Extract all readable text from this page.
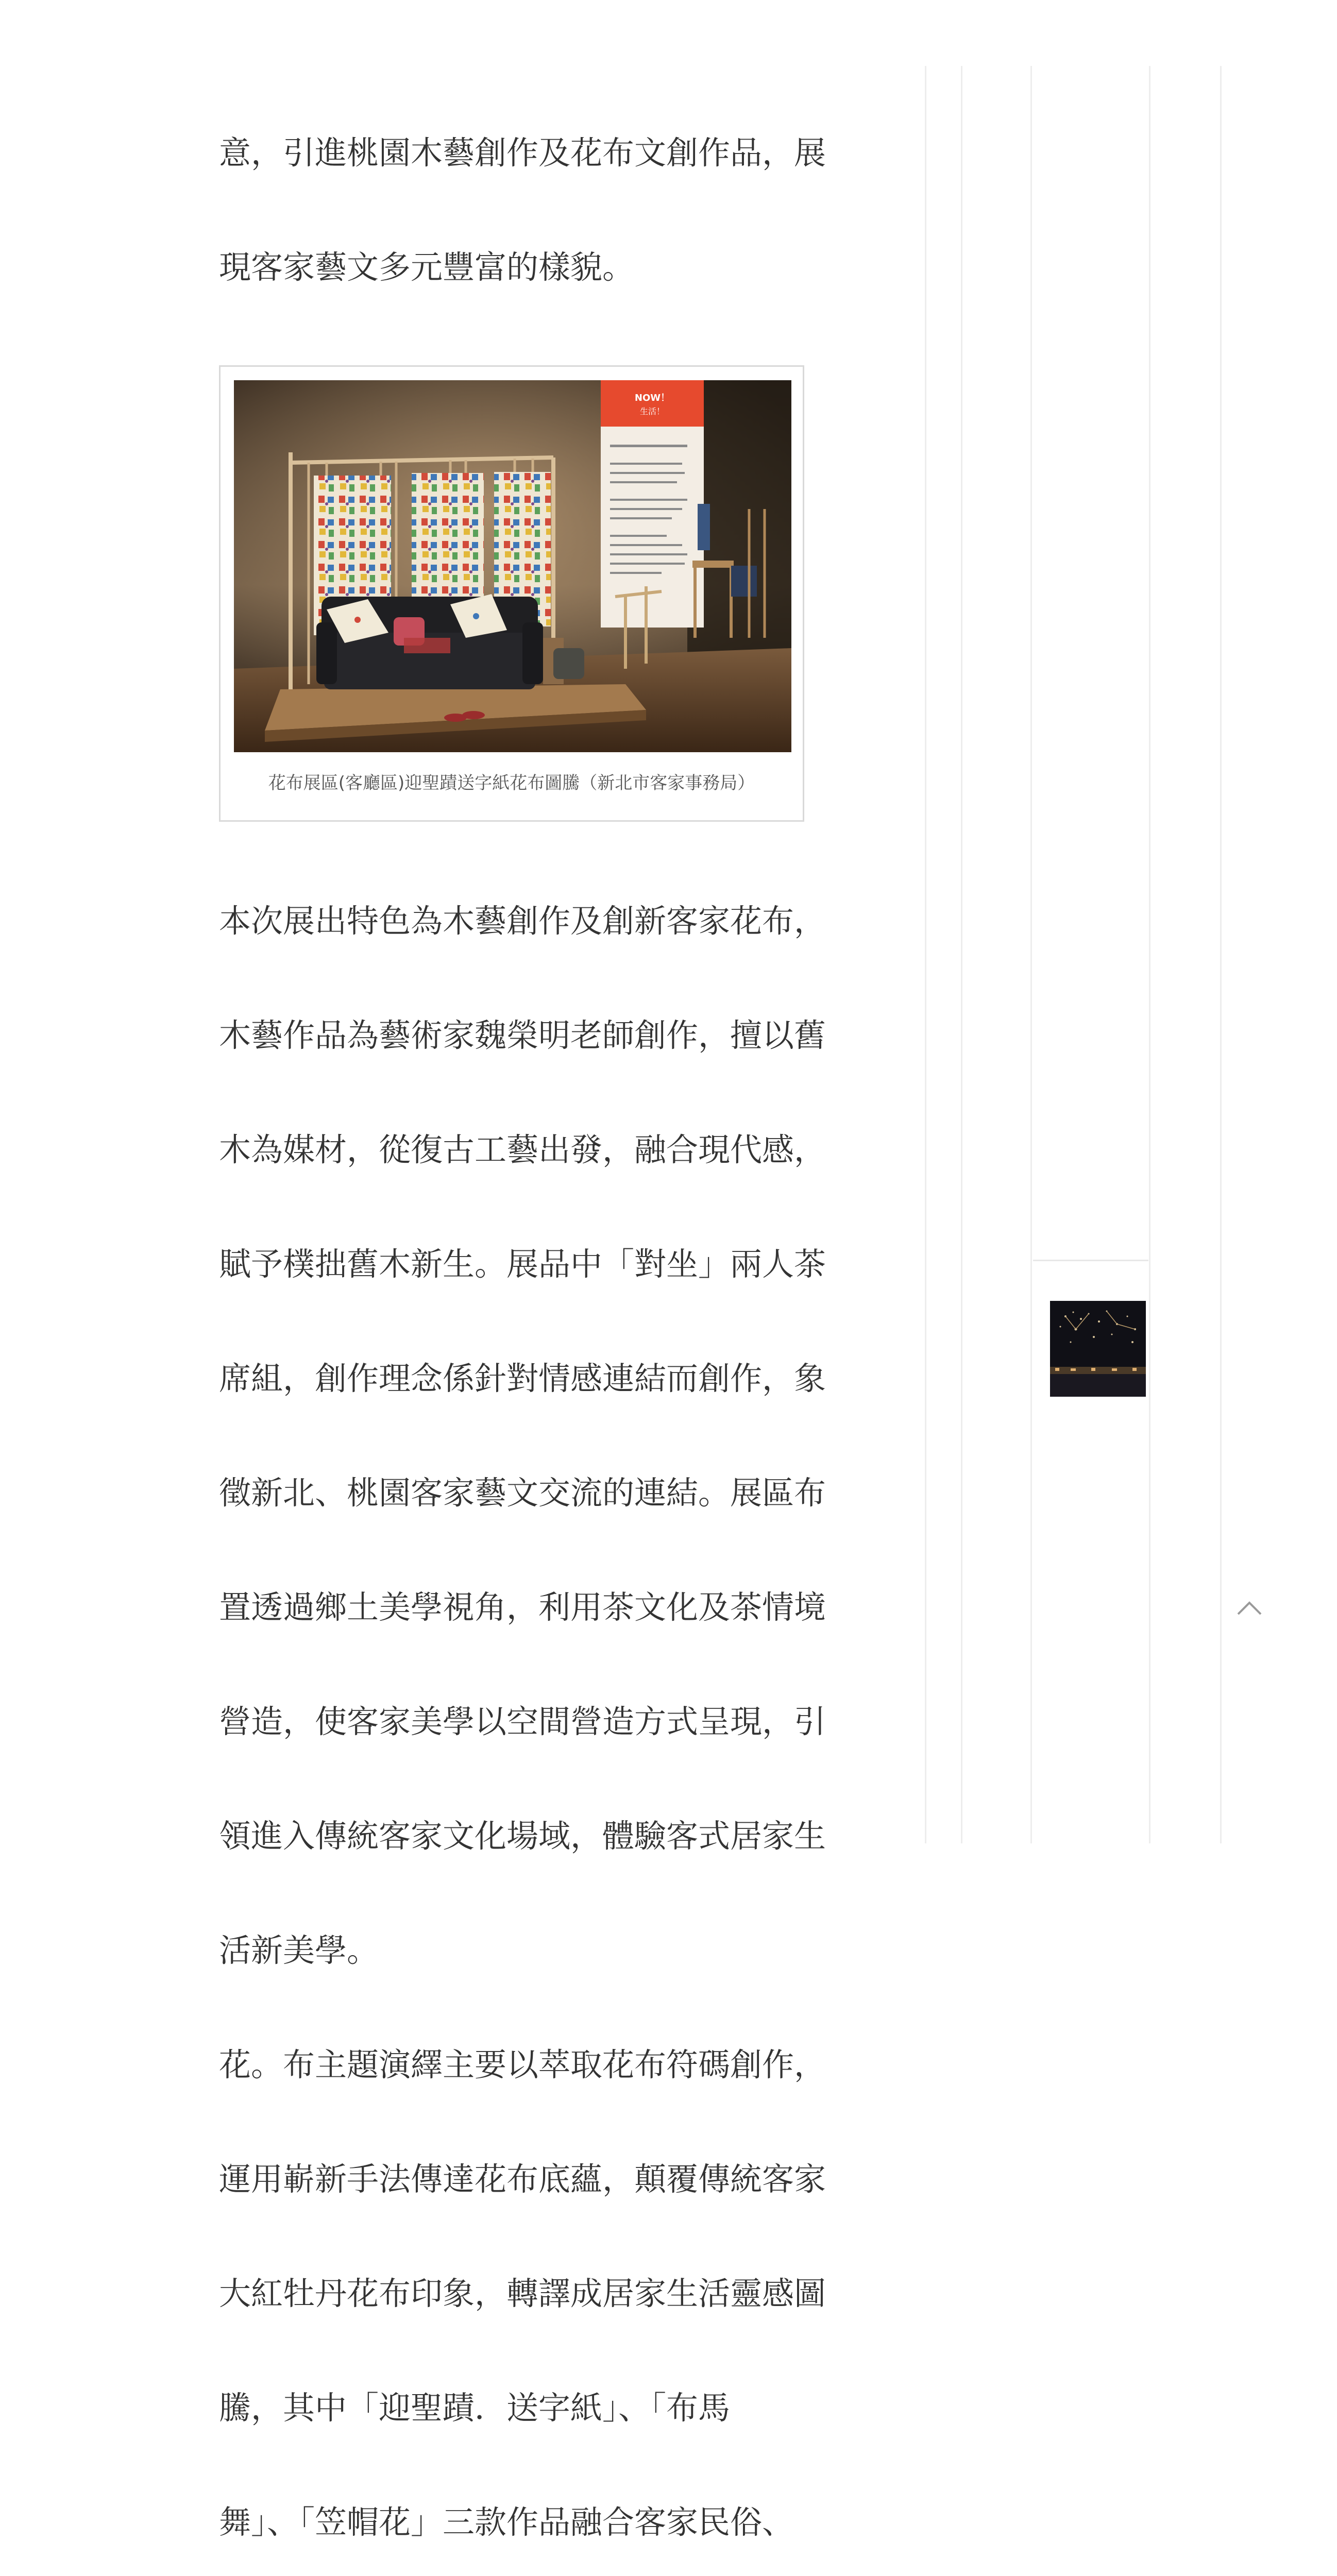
意，引進桃園木藝創作及花布文創作品，展

現客家藝文多元豐富的樣貌。

NOW！
生活！
花布展區(客廳區)迎聖蹟送字紙花布圖騰（新北市客家事務局）

本次展出特色為木藝創作及創新客家花布，

木藝作品為藝術家魏榮明老師創作，擅以舊

木為媒材，從復古工藝出發，融合現代感，

賦予樸拙舊木新生。展品中「對坐」兩人茶

席組，創作理念係針對情感連結而創作，象

徵新北、桃園客家藝文交流的連結。展區布

置透過鄉土美學視角，利用茶文化及茶情境

營造，使客家美學以空間營造方式呈現，引

領進入傳統客家文化場域，體驗客式居家生

活新美學。

花。布主題演繹主要以萃取花布符碼創作，

運用嶄新手法傳達花布底蘊，顛覆傳統客家

大紅牡丹花布印象，轉譯成居家生活靈感圖

騰，其中「迎聖蹟．送字紙」、「布馬

舞」、「笠帽花」三款作品融合客家民俗、
